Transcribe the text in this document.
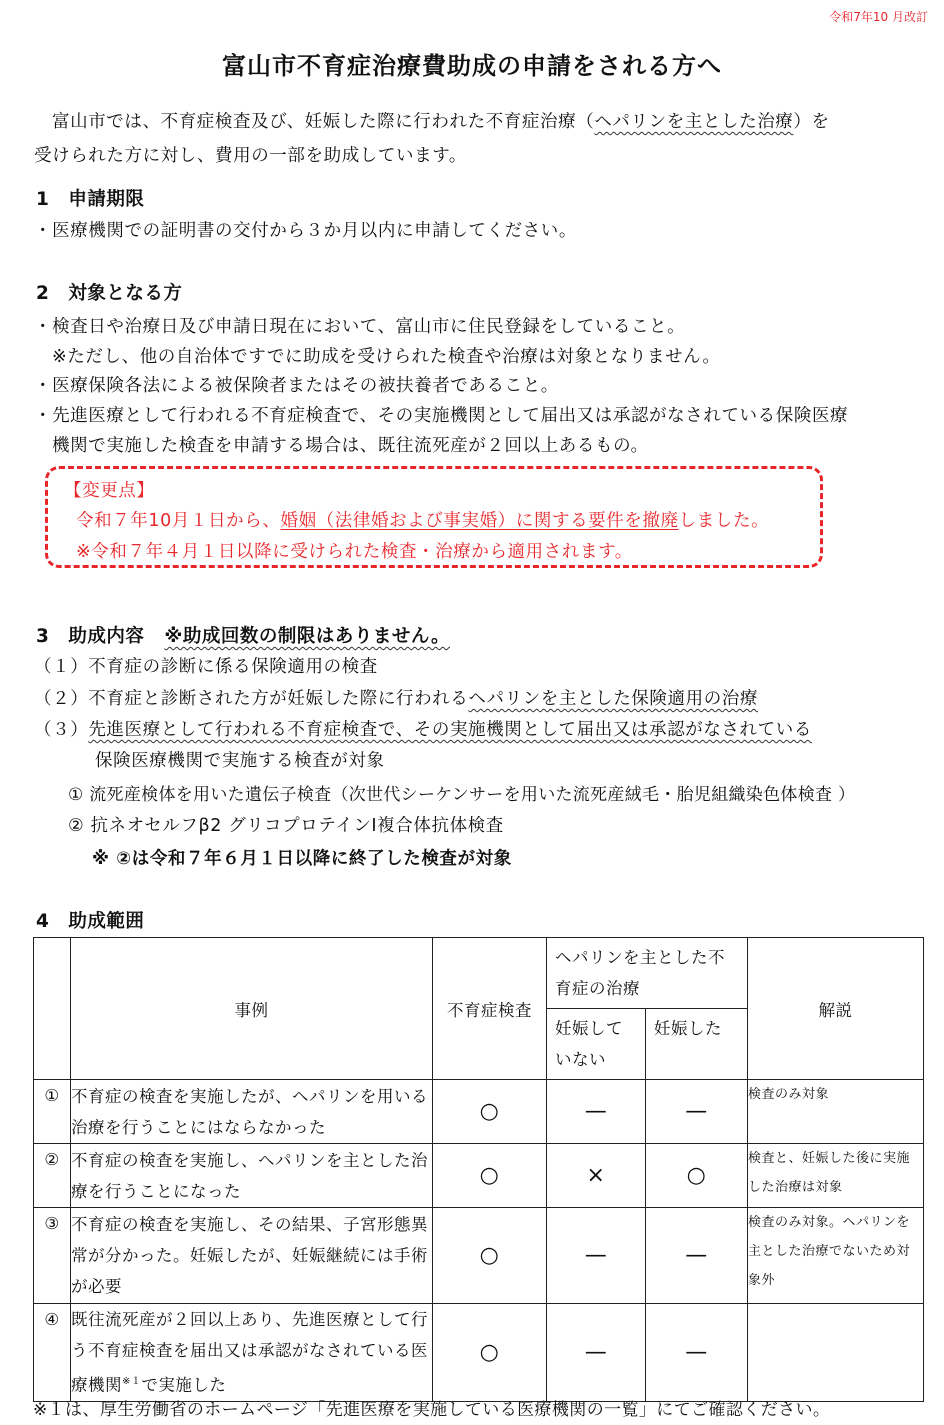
令和7年10 月改訂
富山市不育症治療費助成の申請をされる方へ
富山市では、不育症検査及び、妊娠した際に行われた不育症治療（ヘパリンを主とした治療）を
受けられた方に対し、費用の一部を助成しています。
1　申請期限
・医療機関での証明書の交付から３か月以内に申請してください。
2　対象となる方
・検査日や治療日及び申請日現在において、富山市に住民登録をしていること。
※ただし、他の自治体ですでに助成を受けられた検査や治療は対象となりません。
・医療保険各法による被保険者またはその被扶養者であること。
・先進医療として行われる不育症検査で、その実施機関として届出又は承認がなされている保険医療
機関で実施した検査を申請する場合は、既往流死産が２回以上あるもの。
【変更点】
令和７年10月１日から、婚姻（法律婚および事実婚）に関する要件を撤廃しました。
※令和７年４月１日以降に受けられた検査・治療から適用されます。
3　助成内容 ※助成回数の制限はありません。
（１）不育症の診断に係る保険適用の検査
（２）不育症と診断された方が妊娠した際に行われるヘパリンを主とした保険適用の治療
（３）先進医療として行われる不育症検査で、その実施機関として届出又は承認がなされている
保険医療機関で実施する検査が対象
① 流死産検体を用いた遺伝子検査（次世代シーケンサーを用いた流死産絨毛・胎児組織染色体検査 ）
② 抗ネオセルフβ2 グリコプロテインⅠ複合体抗体検査
※ ②は令和７年６月１日以降に終了した検査が対象
4　助成範囲
	事例	不育症検査	ヘパリンを主とした不育症の治療		解説
			妊娠していない	妊娠した	
①	不育症の検査を実施したが、ヘパリンを用いる治療を行うことにはならなかった	○	—	—	検査のみ対象
②	不育症の検査を実施し、ヘパリンを主とした治療を行うことになった	○	×	○	検査と、妊娠した後に実施した治療は対象
③	不育症の検査を実施し、その結果、子宮形態異常が分かった。妊娠したが、妊娠継続には手術が必要	○	—	—	検査のみ対象。ヘパリンを主とした治療でないため対象外
④	既往流死産が２回以上あり、先進医療として行う不育症検査を届出又は承認がなされている医療機関$^{※1}$で実施した	○	—	—	
※１は、厚生労働省のホームページ「先進医療を実施している医療機関の一覧」にてご確認ください。
